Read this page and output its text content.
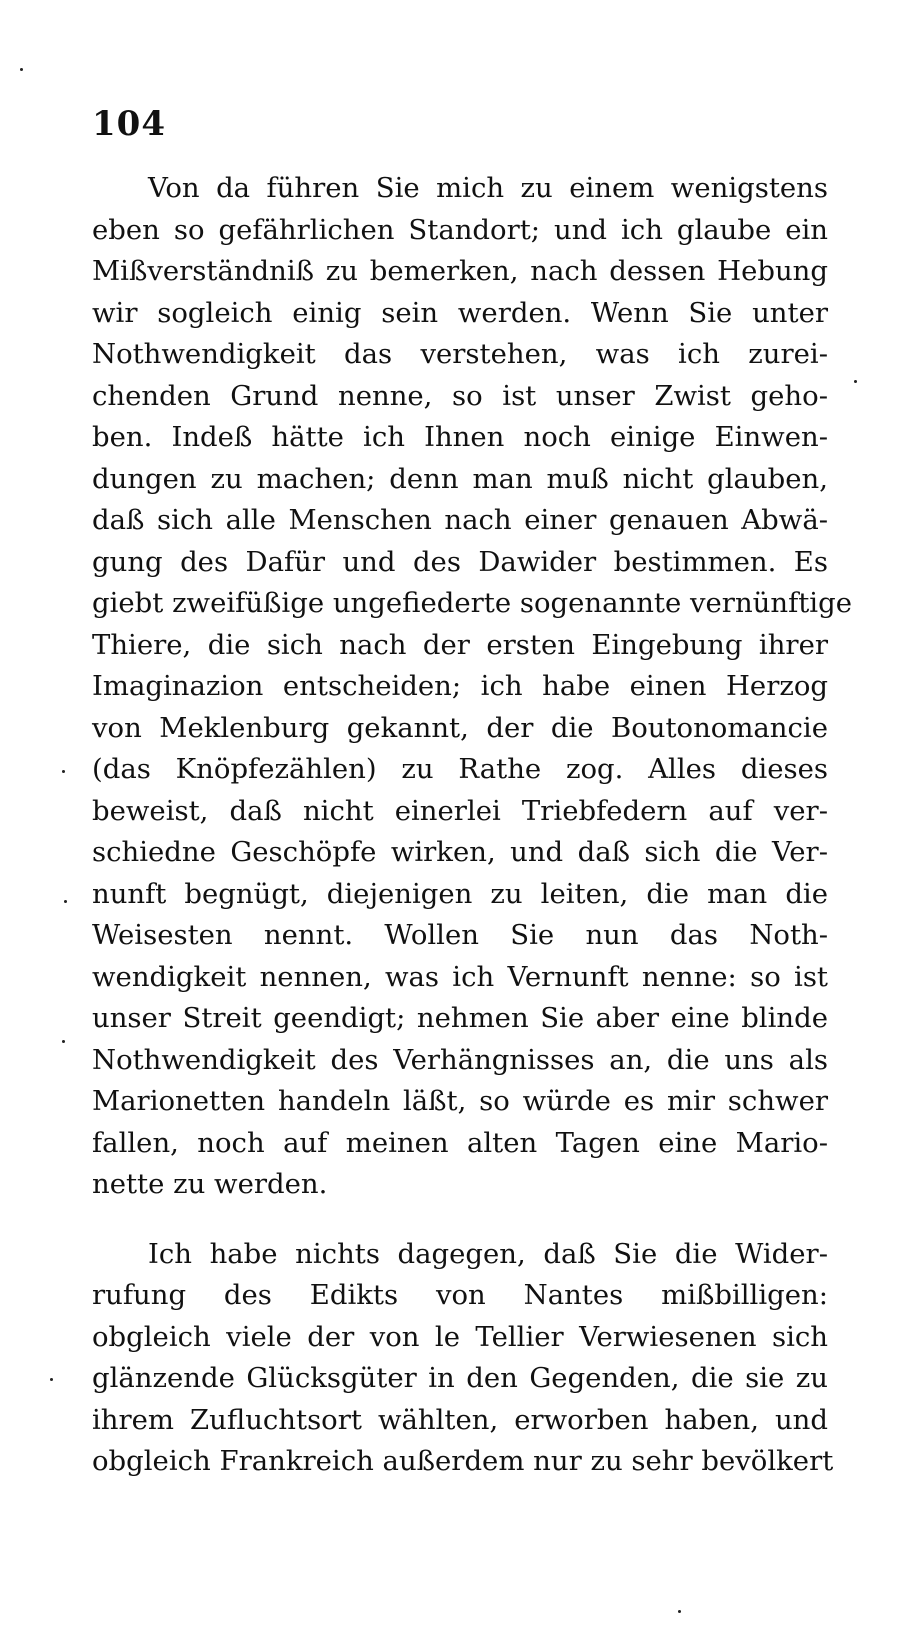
104
Von da führen Sie mich zu einem wenigstens
eben so gefährlichen Standort; und ich glaube ein
Mißverständniß zu bemerken, nach dessen Hebung
wir sogleich einig sein werden. Wenn Sie unter
Nothwendigkeit das verstehen, was ich zurei-
chenden Grund nenne, so ist unser Zwist geho-
ben. Indeß hätte ich Ihnen noch einige Einwen-
dungen zu machen; denn man muß nicht glauben,
daß sich alle Menschen nach einer genauen Abwä-
gung des Dafür und des Dawider bestimmen. Es
giebt zweifüßige ungefiederte sogenannte vernünftige
Thiere, die sich nach der ersten Eingebung ihrer
Imaginazion entscheiden; ich habe einen Herzog
von Meklenburg gekannt, der die Boutonomancie
(das Knöpfezählen) zu Rathe zog. Alles dieses
beweist, daß nicht einerlei Triebfedern auf ver-
schiedne Geschöpfe wirken, und daß sich die Ver-
nunft begnügt, diejenigen zu leiten, die man die
Weisesten nennt. Wollen Sie nun das Noth-
wendigkeit nennen, was ich Vernunft nenne: so ist
unser Streit geendigt; nehmen Sie aber eine blinde
Nothwendigkeit des Verhängnisses an, die uns als
Marionetten handeln läßt, so würde es mir schwer
fallen, noch auf meinen alten Tagen eine Mario-
nette zu werden.
Ich habe nichts dagegen, daß Sie die Wider-
rufung des Edikts von Nantes mißbilligen:
obgleich viele der von le Tellier Verwiesenen sich
glänzende Glücksgüter in den Gegenden, die sie zu
ihrem Zufluchtsort wählten, erworben haben, und
obgleich Frankreich außerdem nur zu sehr bevölkert
